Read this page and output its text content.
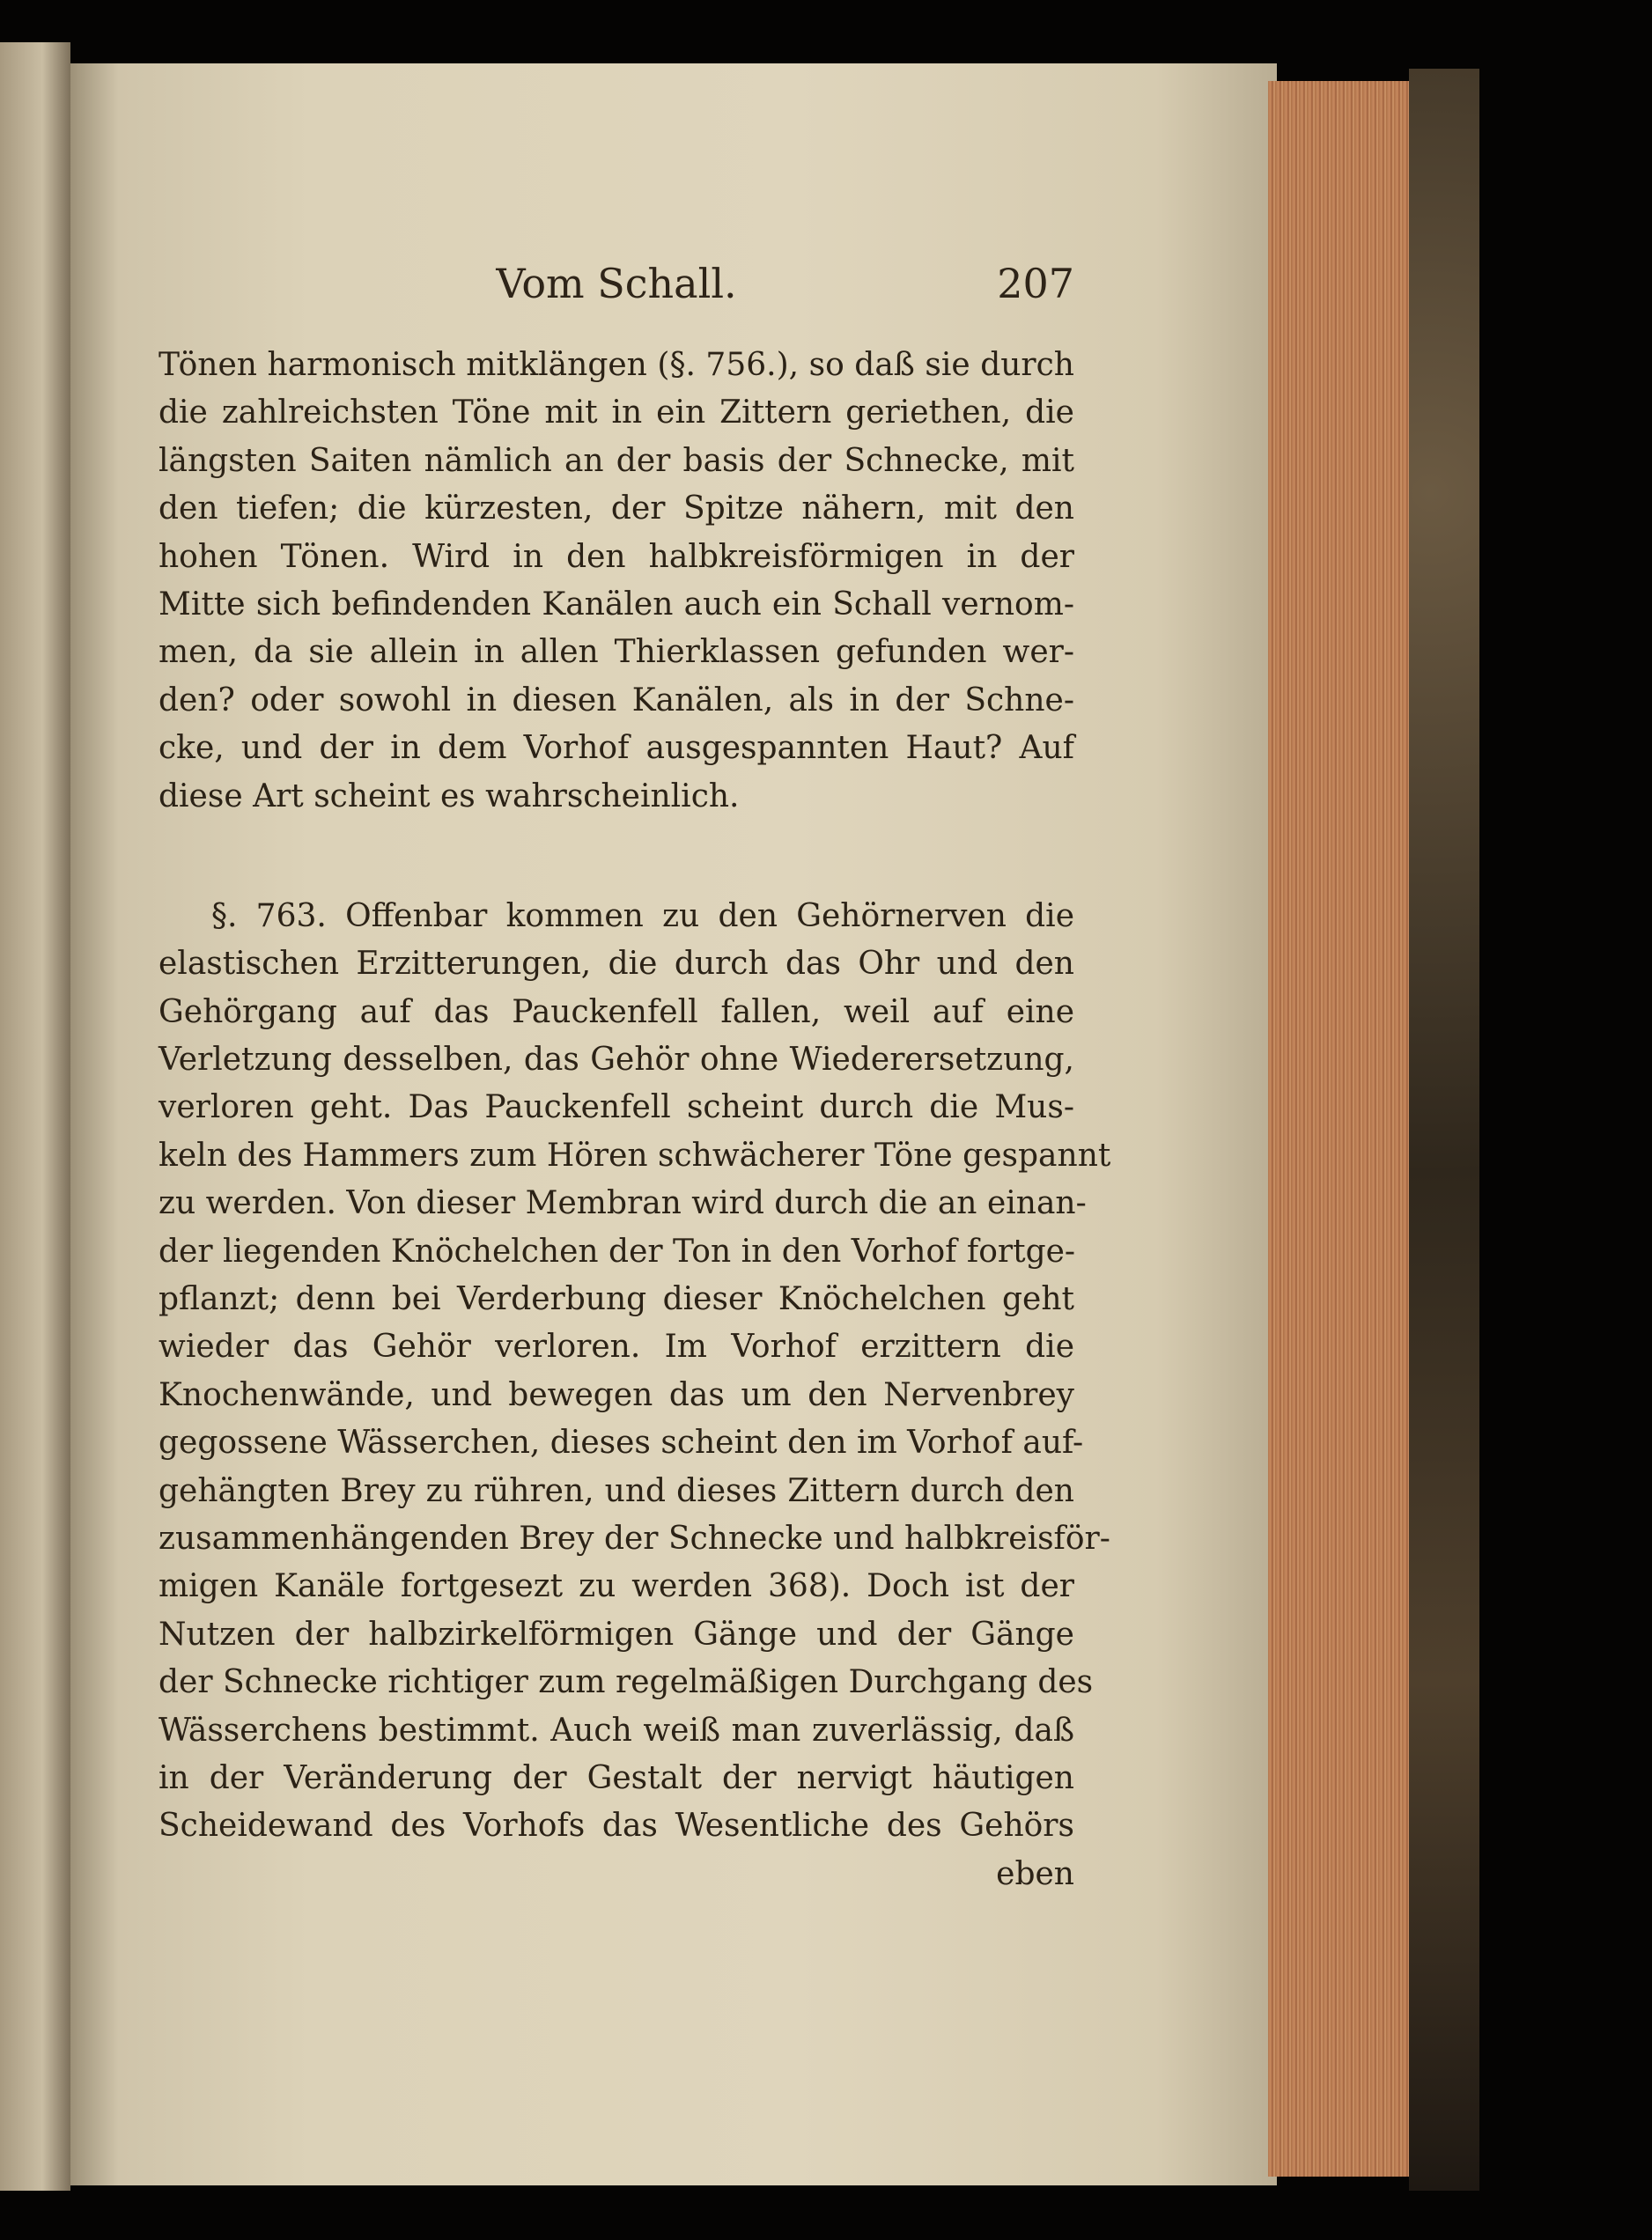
Vom Schall.	207
Tönen harmonisch mitklängen (§. 756.), so daß sie durch
die zahlreichsten Töne mit in ein Zittern geriethen, die
längsten Saiten nämlich an der basis der Schnecke, mit
den tiefen; die kürzesten, der Spitze nähern, mit den
hohen Tönen. Wird in den halbkreisförmigen in der
Mitte sich befindenden Kanälen auch ein Schall vernom-
men, da sie allein in allen Thierklassen gefunden wer-
den? oder sowohl in diesen Kanälen, als in der Schne-
cke, und der in dem Vorhof ausgespannten Haut? Auf
diese Art scheint es wahrscheinlich.
§. 763. Offenbar kommen zu den Gehörnerven die
elastischen Erzitterungen, die durch das Ohr und den
Gehörgang auf das Pauckenfell fallen, weil auf eine
Verletzung desselben, das Gehör ohne Wiederersetzung,
verloren geht. Das Pauckenfell scheint durch die Mus-
keln des Hammers zum Hören schwächerer Töne gespannt
zu werden. Von dieser Membran wird durch die an einan-
der liegenden Knöchelchen der Ton in den Vorhof fortge-
pflanzt; denn bei Verderbung dieser Knöchelchen geht
wieder das Gehör verloren. Im Vorhof erzittern die
Knochenwände, und bewegen das um den Nervenbrey
gegossene Wässerchen, dieses scheint den im Vorhof auf-
gehängten Brey zu rühren, und dieses Zittern durch den
zusammenhängenden Brey der Schnecke und halbkreisför-
migen Kanäle fortgesezt zu werden 368). Doch ist der
Nutzen der halbzirkelförmigen Gänge und der Gänge
der Schnecke richtiger zum regelmäßigen Durchgang des
Wässerchens bestimmt. Auch weiß man zuverlässig, daß
in der Veränderung der Gestalt der nervigt häutigen
Scheidewand des Vorhofs das Wesentliche des Gehörs
eben
